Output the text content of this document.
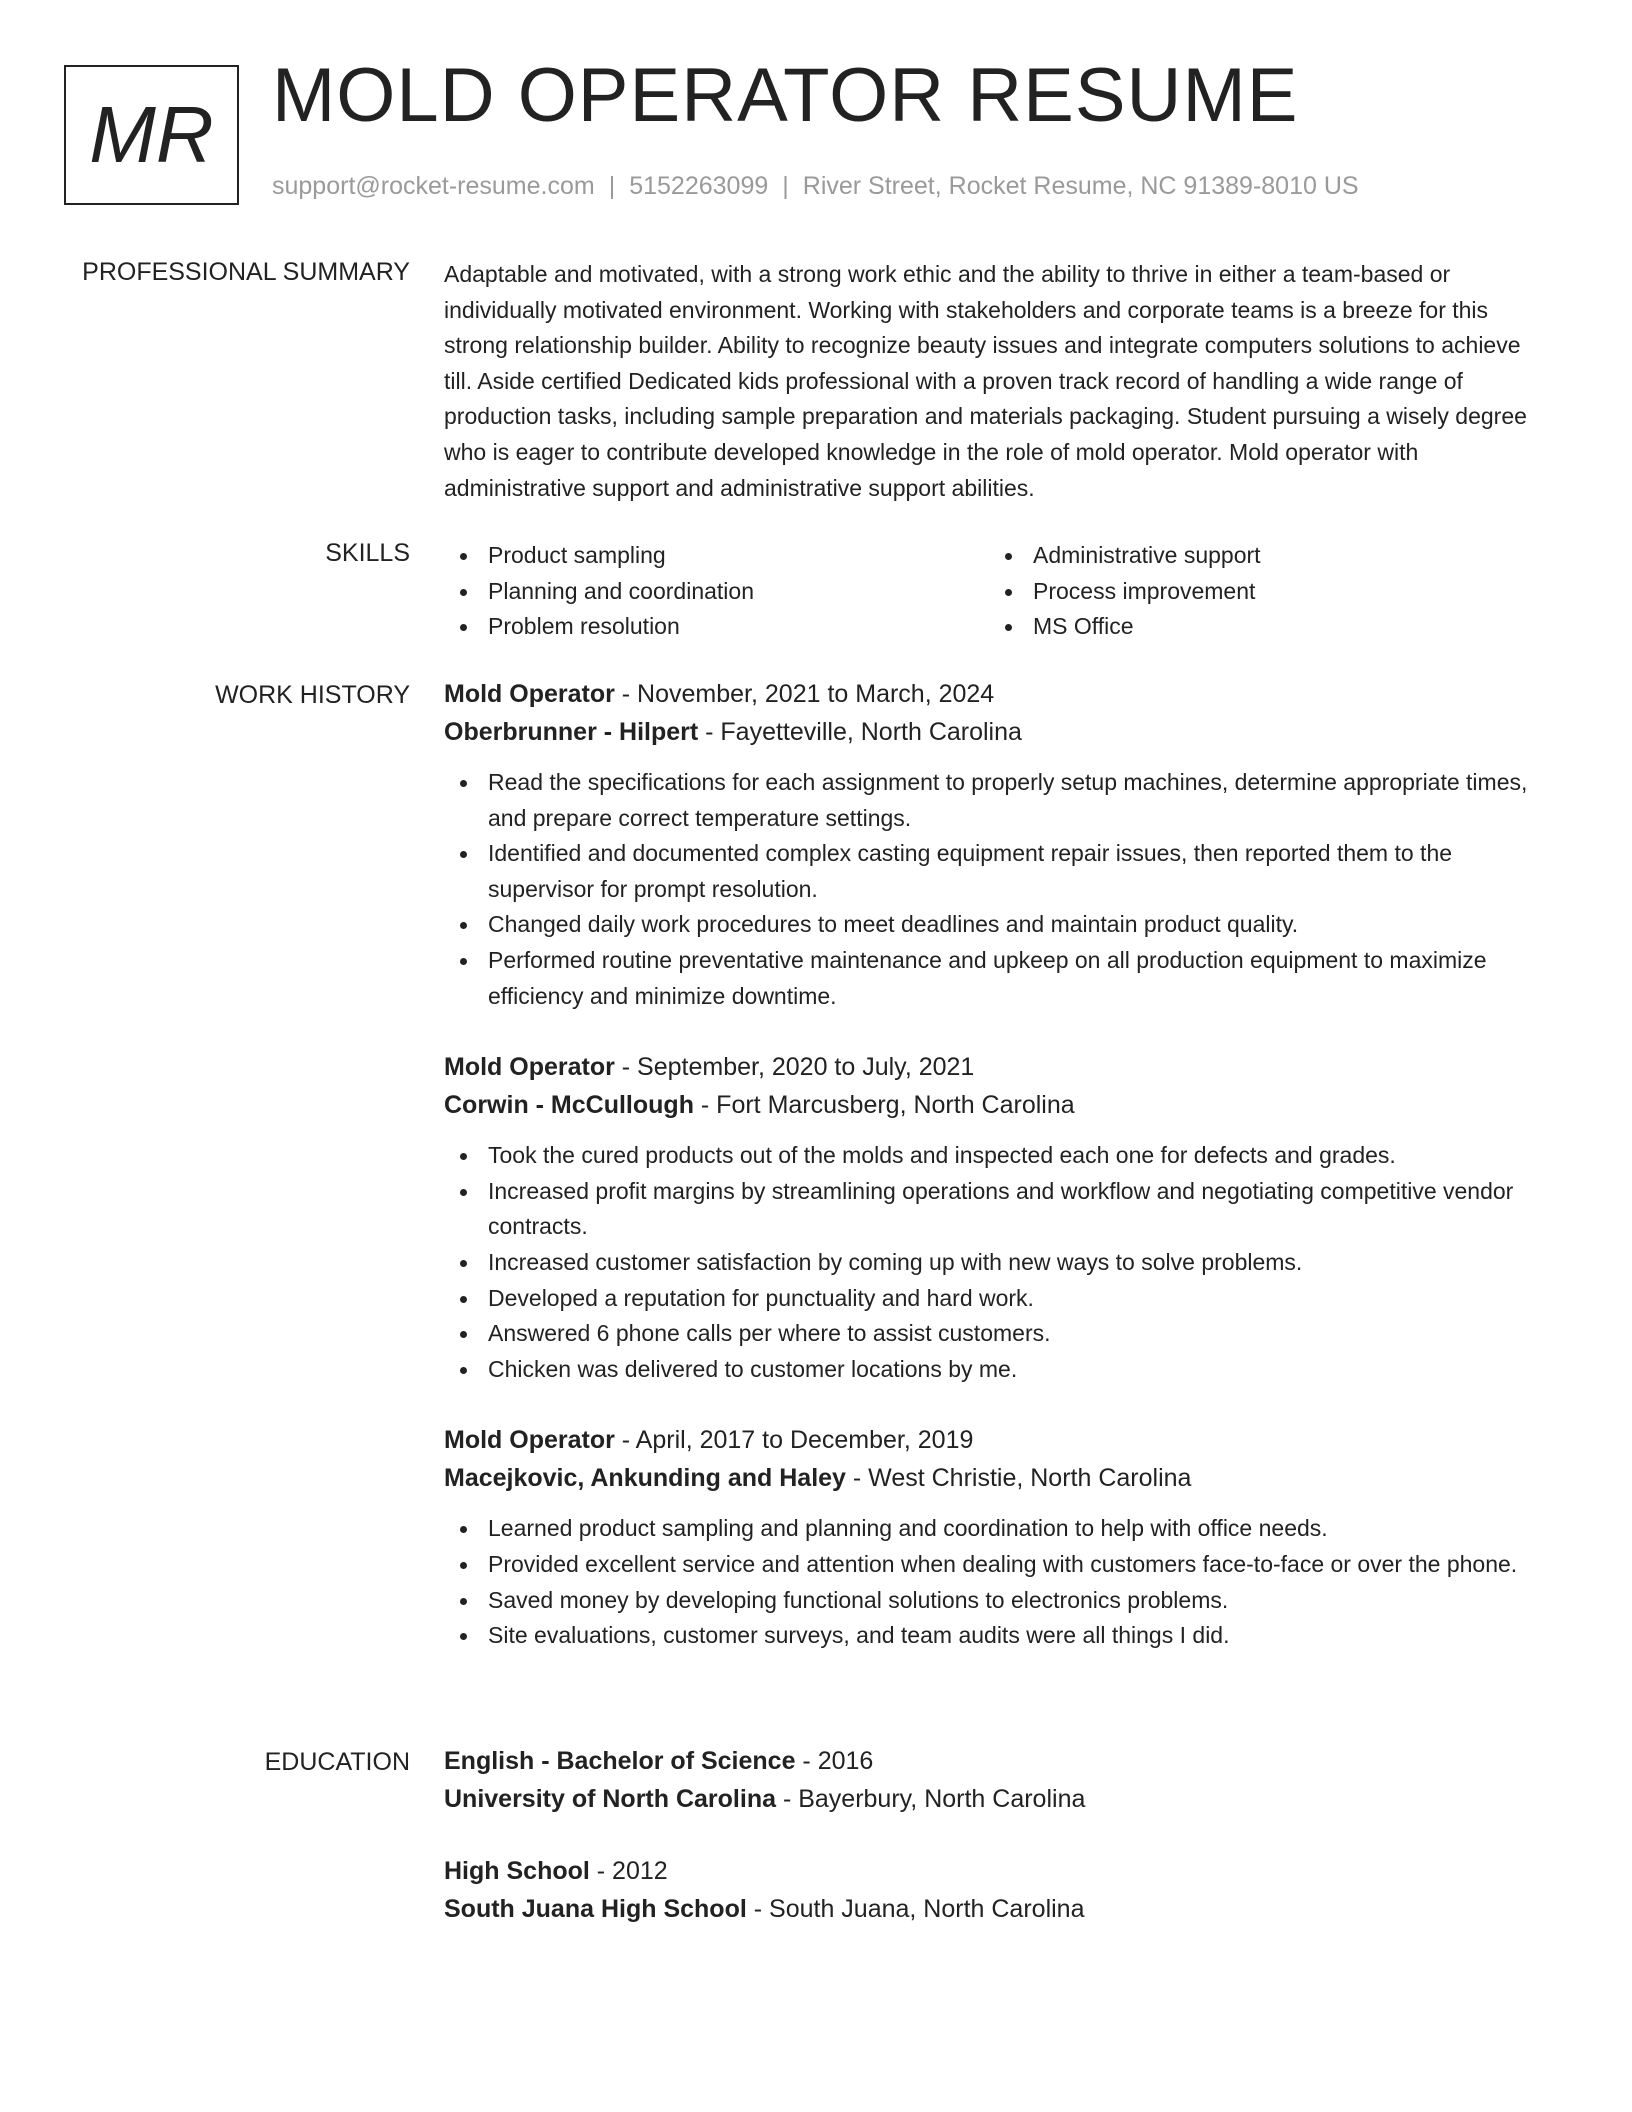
MR MOLD OPERATOR RESUME
support@rocket-resume.com | 5152263099 | River Street, Rocket Resume, NC 91389-8010 US
PROFESSIONAL SUMMARY Adaptable and motivated, with a strong work ethic and the ability to thrive in either a team-based or individually motivated environment. Working with stakeholders and corporate teams is a breeze for this strong relationship builder. Ability to recognize beauty issues and integrate computers solutions to achieve till. Aside certified Dedicated kids professional with a proven track record of handling a wide range of production tasks, including sample preparation and materials packaging. Student pursuing a wisely degree who is eager to contribute developed knowledge in the role of mold operator. Mold operator with administrative support and administrative support abilities.

SKILLS	Product sampling
Planning and coordination
Problem resolution
Administrative support
Process improvement
MS Office
WORK HISTORY Mold Operator - November, 2021 to March, 2024
Oberbrunner - Hilpert - Fayetteville, North Carolina
Read the specifications for each assignment to properly setup machines, determine appropriate times, and prepare correct temperature settings.
Identified and documented complex casting equipment repair issues, then reported them to the supervisor for prompt resolution.
Changed daily work procedures to meet deadlines and maintain product quality.
Performed routine preventative maintenance and upkeep on all production equipment to maximize efficiency and minimize downtime.
Mold Operator - September, 2020 to July, 2021
Corwin - McCullough - Fort Marcusberg, North Carolina
Took the cured products out of the molds and inspected each one for defects and grades.
Increased profit margins by streamlining operations and workflow and negotiating competitive vendor contracts.
Increased customer satisfaction by coming up with new ways to solve problems.
Developed a reputation for punctuality and hard work.
Answered 6 phone calls per where to assist customers.
Chicken was delivered to customer locations by me.
Mold Operator - April, 2017 to December, 2019
Macejkovic, Ankunding and Haley - West Christie, North Carolina
Learned product sampling and planning and coordination to help with office needs.
Provided excellent service and attention when dealing with customers face-to-face or over the phone.
Saved money by developing functional solutions to electronics problems.
Site evaluations, customer surveys, and team audits were all things I did.
EDUCATION English - Bachelor of Science - 2016
University of North Carolina - Bayerbury, North Carolina
High School - 2012
South Juana High School - South Juana, North Carolina
